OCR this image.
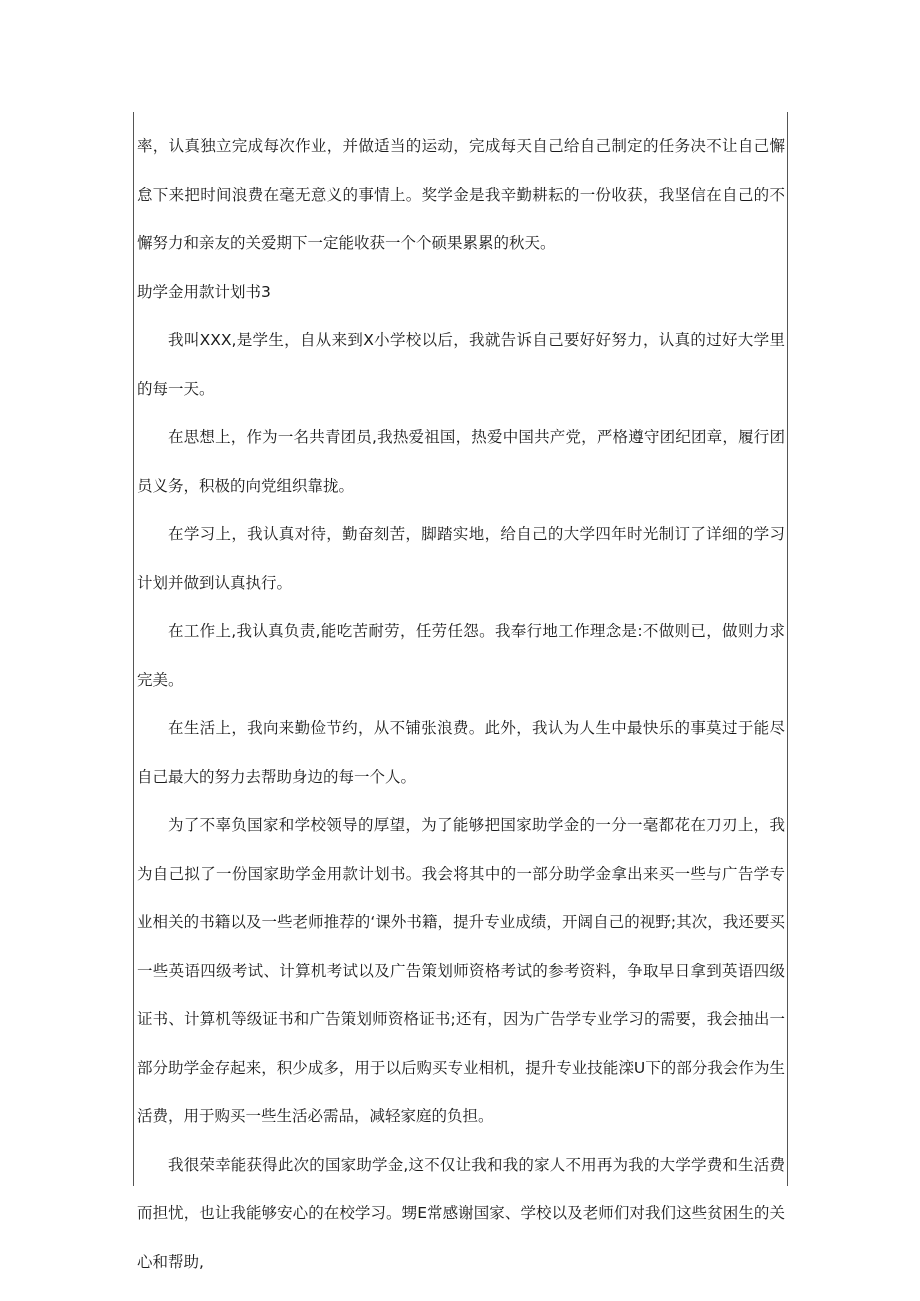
率，认真独立完成每次作业，并做适当的运动，完成每天自己给自己制定的任务决不让自己懈怠下来把时间浪费在毫无意义的事情上。奖学金是我辛勤耕耘的一份收获，我坚信在自己的不懈努力和亲友的关爱期下一定能收获一个个硕果累累的秋天。

助学金用款计划书3

我叫XXX,是学生，自从来到X小学校以后，我就告诉自己要好好努力，认真的过好大学里的每一天。

在思想上，作为一名共青团员,我热爱祖国，热爱中国共产党，严格遵守团纪团章，履行团员义务，积极的向党组织靠拢。

在学习上，我认真对待，勤奋刻苦，脚踏实地，给自己的大学四年时光制订了详细的学习计划并做到认真执行。

在工作上,我认真负责,能吃苦耐劳，任劳任怨。我奉行地工作理念是:不做则已，做则力求完美。

在生活上，我向来勤俭节约，从不铺张浪费。此外，我认为人生中最快乐的事莫过于能尽自己最大的努力去帮助身边的每一个人。

为了不辜负国家和学校领导的厚望，为了能够把国家助学金的一分一毫都花在刀刃上，我为自己拟了一份国家助学金用款计划书。我会将其中的一部分助学金拿出来买一些与广告学专业相关的书籍以及一些老师推荐的‘课外书籍，提升专业成绩，开阔自己的视野;其次，我还要买一些英语四级考试、计算机考试以及广告策划师资格考试的参考资料，争取早日拿到英语四级证书、计算机等级证书和广告策划师资格证书;还有，因为广告学专业学习的需要，我会抽出一部分助学金存起来，积少成多，用于以后购买专业相机，提升专业技能滦U下的部分我会作为生活费，用于购买一些生活必需品，减轻家庭的负担。

我很荣幸能获得此次的国家助学金,这不仅让我和我的家人不用再为我的大学学费和生活费而担忧，也让我能够安心的在校学习。甥E常感谢国家、学校以及老师们对我们这些贫困生的关心和帮助,
